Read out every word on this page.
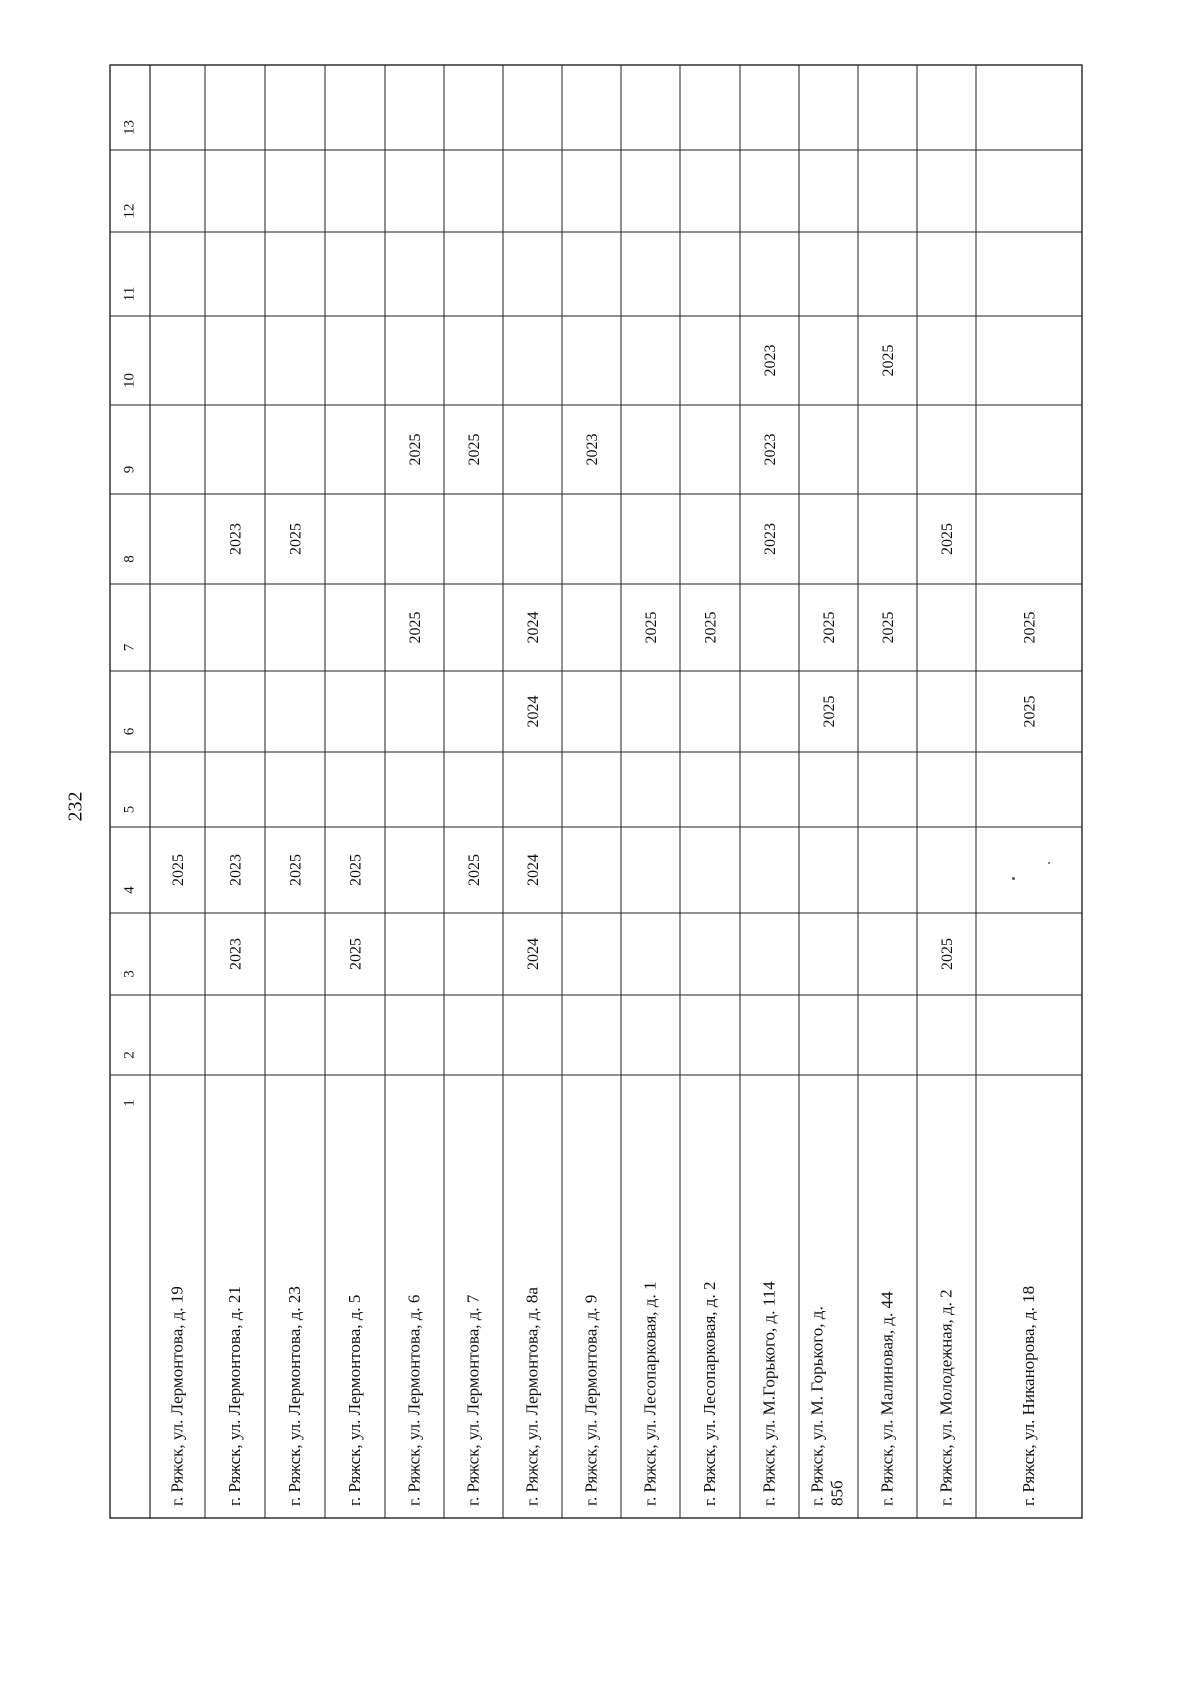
232
1
2
3
4
5
6
7
8
9
10
11
12
13
г. Ряжск, ул. Лермонтова, д. 19
2025
г. Ряжск, ул. Лермонтова, д. 21
2023
2023
2023
г. Ряжск, ул. Лермонтова, д. 23
2025
2025
г. Ряжск, ул. Лермонтова, д. 5
2025
2025
г. Ряжск, ул. Лермонтова, д. 6
2025
2025
г. Ряжск, ул. Лермонтова, д. 7
2025
2025
г. Ряжск, ул. Лермонтова, д. 8а
2024
2024
2024
2024
г. Ряжск, ул. Лермонтова, д. 9
2023
г. Ряжск, ул. Лесопарковая, д. 1
2025
г. Ряжск, ул. Лесопарковая, д. 2
2025
г. Ряжск, ул. М.Горького, д. 114
2023
2023
2023
г. Ряжск, ул. М. Горького, д. 85б
2025
2025
г. Ряжск, ул. Малиновая, д. 44
2025
2025
г. Ряжск, ул. Молодежная, д. 2
2025
2025
г. Ряжск, ул. Никанорова, д. 18
2025
2025
